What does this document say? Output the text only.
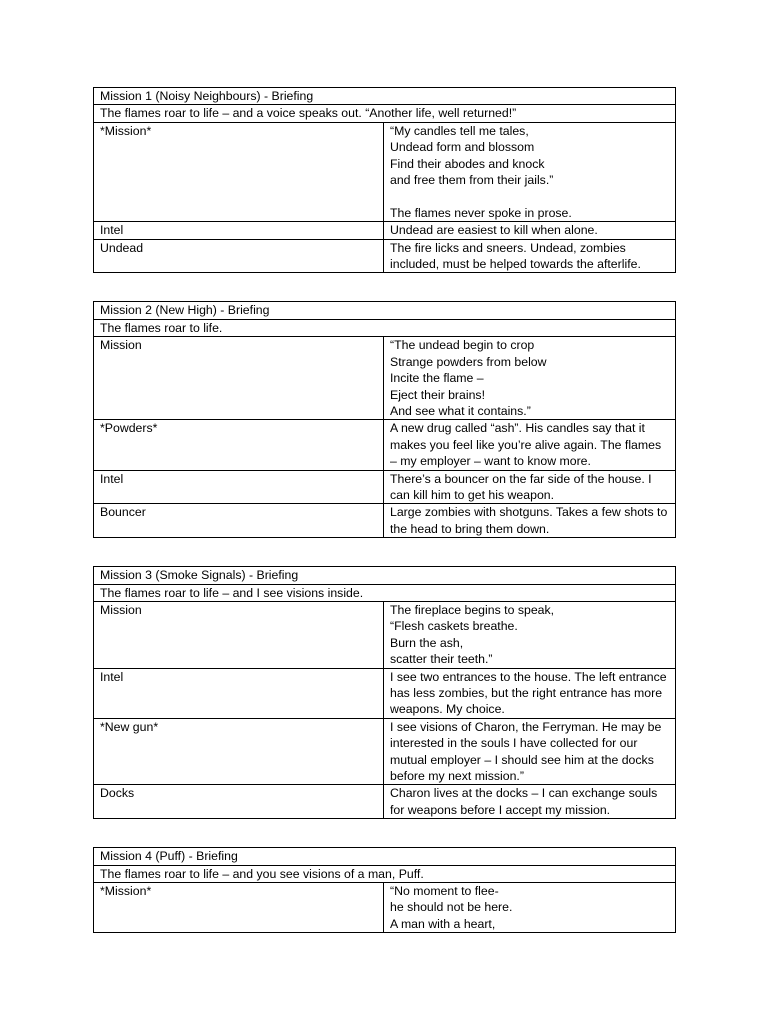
Mission 1 (Noisy Neighbours) - Briefing	
The flames roar to life – and a voice speaks out. “Another life, well returned!”	
*Mission*	“My candles tell me tales,
Undead form and blossom
Find their abodes and knock
and free them from their jails.”

The flames never spoke in prose.
Intel	Undead are easiest to kill when alone.
Undead	The fire licks and sneers. Undead, zombies included, must be helped towards the afterlife.
Mission 2 (New High) - Briefing	
The flames roar to life.	
Mission	“The undead begin to crop
Strange powders from below
Incite the flame –
Eject their brains!
And see what it contains.”
*Powders*	A new drug called “ash”. His candles say that it makes you feel like you’re alive again. The flames – my employer – want to know more.
Intel	There’s a bouncer on the far side of the house. I can kill him to get his weapon.
Bouncer	Large zombies with shotguns. Takes a few shots to the head to bring them down.
Mission 3 (Smoke Signals) - Briefing	
The flames roar to life – and I see visions inside.	
Mission	The fireplace begins to speak,
“Flesh caskets breathe.
Burn the ash,
scatter their teeth.”
Intel	I see two entrances to the house. The left entrance has less zombies, but the right entrance has more weapons. My choice.
*New gun*	I see visions of Charon, the Ferryman. He may be interested in the souls I have collected for our mutual employer – I should see him at the docks before my next mission.”
Docks	Charon lives at the docks – I can exchange souls for weapons before I accept my mission.
Mission 4 (Puff) - Briefing
The flames roar to life – and you see visions of a man, Puff.
*Mission*	“No moment to flee-
he should not be here.
A man with a heart,
